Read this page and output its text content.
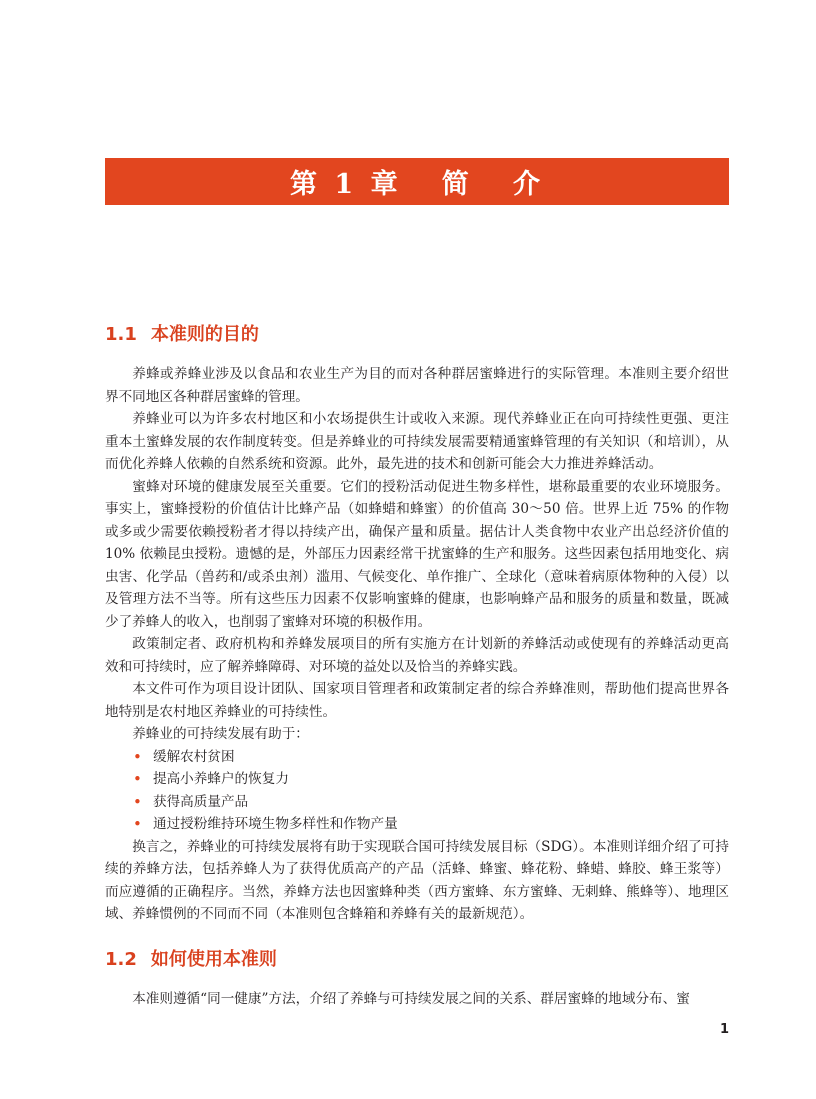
第 1 章   简   介
1.1 本准则的目的

养蜂或养蜂业涉及以食品和农业生产为目的而对各种群居蜜蜂进行的实际管理。本准则主要介绍世界不同地区各种群居蜜蜂的管理。

养蜂业可以为许多农村地区和小农场提供生计或收入来源。现代养蜂业正在向可持续性更强、更注重本土蜜蜂发展的农作制度转变。但是养蜂业的可持续发展需要精通蜜蜂管理的有关知识（和培训），从而优化养蜂人依赖的自然系统和资源。此外，最先进的技术和创新可能会大力推进养蜂活动。

蜜蜂对环境的健康发展至关重要。它们的授粉活动促进生物多样性，堪称最重要的农业环境服务。事实上，蜜蜂授粉的价值估计比蜂产品（如蜂蜡和蜂蜜）的价值高 30～50 倍。世界上近 75% 的作物或多或少需要依赖授粉者才得以持续产出，确保产量和质量。据估计人类食物中农业产出总经济价值的 10% 依赖昆虫授粉。遗憾的是，外部压力因素经常干扰蜜蜂的生产和服务。这些因素包括用地变化、病虫害、化学品（兽药和/或杀虫剂）滥用、气候变化、单作推广、全球化（意味着病原体物种的入侵）以及管理方法不当等。所有这些压力因素不仅影响蜜蜂的健康，也影响蜂产品和服务的质量和数量，既减少了养蜂人的收入，也削弱了蜜蜂对环境的积极作用。

政策制定者、政府机构和养蜂发展项目的所有实施方在计划新的养蜂活动或使现有的养蜂活动更高效和可持续时，应了解养蜂障碍、对环境的益处以及恰当的养蜂实践。

本文件可作为项目设计团队、国家项目管理者和政策制定者的综合养蜂准则，帮助他们提高世界各地特别是农村地区养蜂业的可持续性。

养蜂业的可持续发展有助于：

• 缓解农村贫困
• 提高小养蜂户的恢复力
• 获得高质量产品
• 通过授粉维持环境生物多样性和作物产量

换言之，养蜂业的可持续发展将有助于实现联合国可持续发展目标（SDG）。本准则详细介绍了可持续的养蜂方法，包括养蜂人为了获得优质高产的产品（活蜂、蜂蜜、蜂花粉、蜂蜡、蜂胶、蜂王浆等）而应遵循的正确程序。当然，养蜂方法也因蜜蜂种类（西方蜜蜂、东方蜜蜂、无刺蜂、熊蜂等）、地理区域、养蜂惯例的不同而不同（本准则包含蜂箱和养蜂有关的最新规范）。

1.2 如何使用本准则

本准则遵循“同一健康”方法，介绍了养蜂与可持续发展之间的关系、群居蜜蜂的地域分布、蜜

1
